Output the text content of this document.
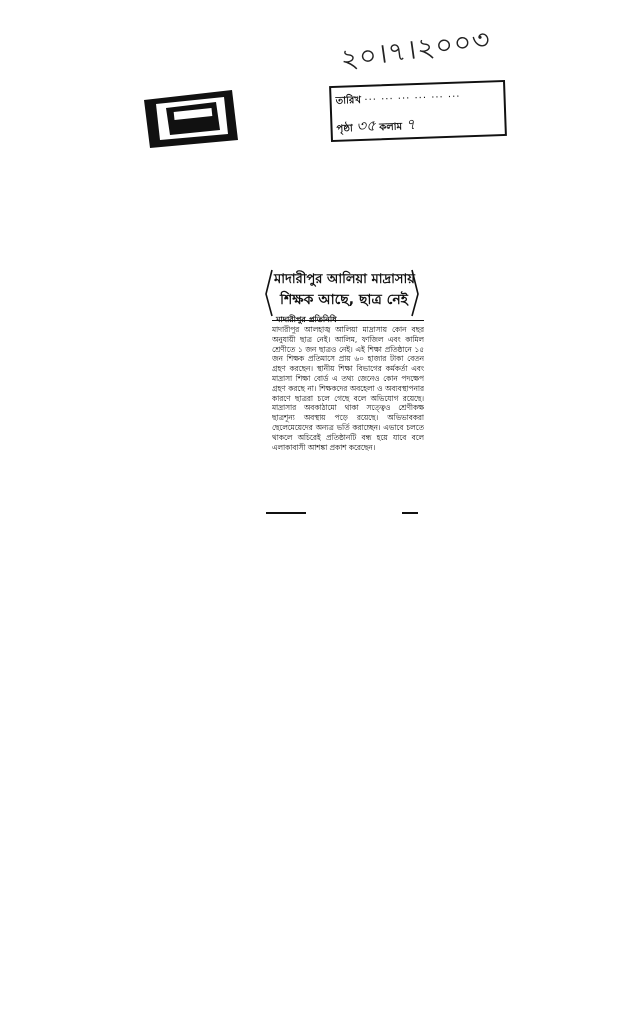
২০।৭।২০০৩
তারিখ ··· ··· ··· ··· ··· ···
পৃষ্ঠা ৩৫ কলাম ৭
মাদারীপুর আলিয়া মাদ্রাসায়
শিক্ষক আছে, ছাত্র নেই
মাদারীপুর আলহাজ্ব আলিয়া মাদ্রাসায় কোন বছর অনুযায়ী ছাত্র নেই। আলিম, ফাজিল এবং কামিল শ্রেণীতে ১ জন ছাত্রও নেই। এই শিক্ষা প্রতিষ্ঠানে ১৫ জন শিক্ষক প্রতিমাসে প্রায় ৬০ হাজার টাকা বেতন গ্রহণ করছেন। স্থানীয় শিক্ষা বিভাগের কর্মকর্তা এবং মাদ্রাসা শিক্ষা বোর্ড এ তথ্য জেনেও কোন পদক্ষেপ গ্রহণ করছে না। শিক্ষকদের অবহেলা ও অব্যবস্থাপনার কারণে ছাত্ররা চলে গেছে বলে অভিযোগ রয়েছে। মাদ্রাসার অবকাঠামো থাকা সত্ত্বেও শ্রেণীকক্ষ ছাত্রশূন্য অবস্থায় পড়ে রয়েছে। অভিভাবকরা ছেলেমেয়েদের অন্যত্র ভর্তি করাচ্ছেন। এভাবে চলতে থাকলে অচিরেই প্রতিষ্ঠানটি বন্ধ হয়ে যাবে বলে এলাকাবাসী আশঙ্কা প্রকাশ করেছেন।
